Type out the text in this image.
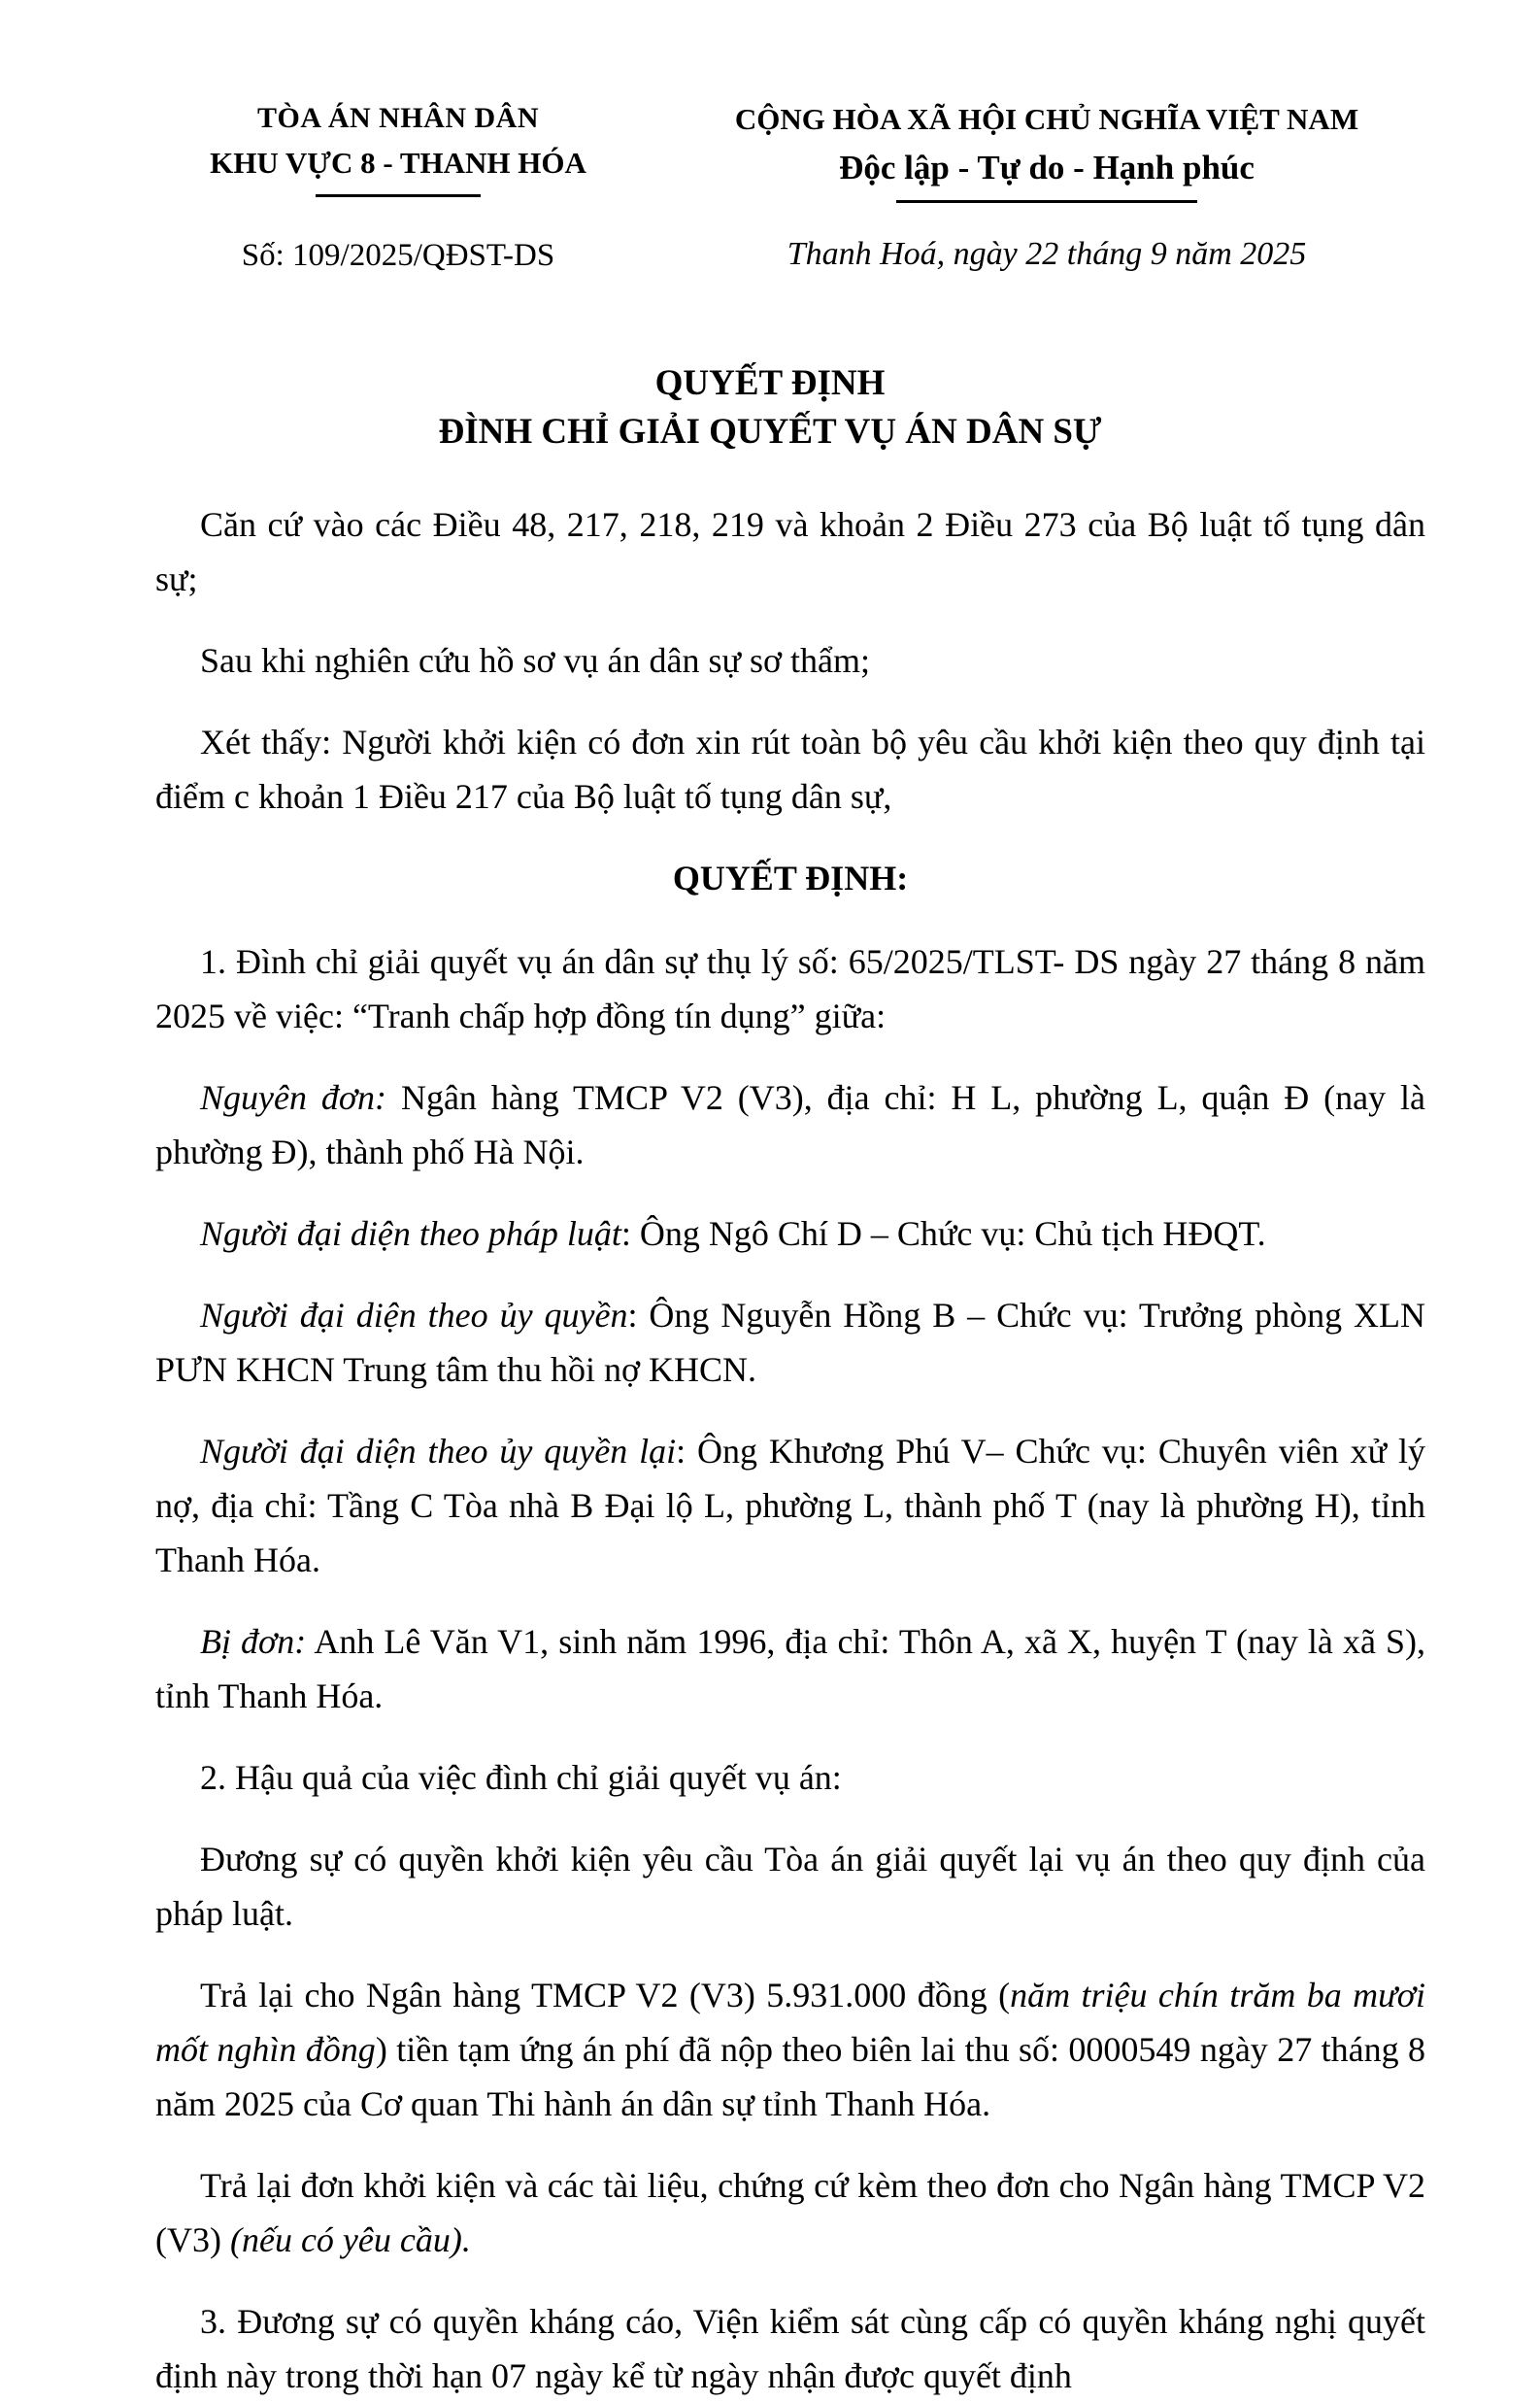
TÒA ÁN NHÂN DÂN
KHU VỰC 8 - THANH HÓA
Số: 109/2025/QĐST-DS
CỘNG HÒA XÃ HỘI CHỦ NGHĨA VIỆT NAM
Độc lập - Tự do - Hạnh phúc
Thanh Hoá, ngày 22 tháng 9 năm 2025
QUYẾT ĐỊNH
ĐÌNH CHỈ GIẢI QUYẾT VỤ ÁN DÂN SỰ

Căn cứ vào các Điều 48, 217, 218, 219 và khoản 2 Điều 273 của Bộ luật tố tụng dân sự;

Sau khi nghiên cứu hồ sơ vụ án dân sự sơ thẩm;

Xét thấy: Người khởi kiện có đơn xin rút toàn bộ yêu cầu khởi kiện theo quy định tại điểm c khoản 1 Điều 217 của Bộ luật tố tụng dân sự,

QUYẾT ĐỊNH:

1. Đình chỉ giải quyết vụ án dân sự thụ lý số: 65/2025/TLST- DS ngày 27 tháng 8 năm 2025 về việc: “Tranh chấp hợp đồng tín dụng” giữa:

Nguyên đơn: Ngân hàng TMCP V2 (V3), địa chỉ: H L, phường L, quận Đ (nay là phường Đ), thành phố Hà Nội.

Người đại diện theo pháp luật: Ông Ngô Chí D – Chức vụ: Chủ tịch HĐQT.

Người đại diện theo ủy quyền: Ông Nguyễn Hồng B – Chức vụ: Trưởng phòng XLN PƯN KHCN Trung tâm thu hồi nợ KHCN.

Người đại diện theo ủy quyền lại: Ông Khương Phú V– Chức vụ: Chuyên viên xử lý nợ, địa chỉ: Tầng C Tòa nhà B Đại lộ L, phường L, thành phố T (nay là phường H), tỉnh Thanh Hóa.

Bị đơn: Anh Lê Văn V1, sinh năm 1996, địa chỉ: Thôn A, xã X, huyện T (nay là xã S), tỉnh Thanh Hóa.

2. Hậu quả của việc đình chỉ giải quyết vụ án:

Đương sự có quyền khởi kiện yêu cầu Tòa án giải quyết lại vụ án theo quy định của pháp luật.

Trả lại cho Ngân hàng TMCP V2 (V3) 5.931.000 đồng (năm triệu chín trăm ba mươi mốt nghìn đồng) tiền tạm ứng án phí đã nộp theo biên lai thu số: 0000549 ngày 27 tháng 8 năm 2025 của Cơ quan Thi hành án dân sự tỉnh Thanh Hóa.

Trả lại đơn khởi kiện và các tài liệu, chứng cứ kèm theo đơn cho Ngân hàng TMCP V2 (V3) (nếu có yêu cầu).

3. Đương sự có quyền kháng cáo, Viện kiểm sát cùng cấp có quyền kháng nghị quyết định này trong thời hạn 07 ngày kể từ ngày nhận được quyết định
